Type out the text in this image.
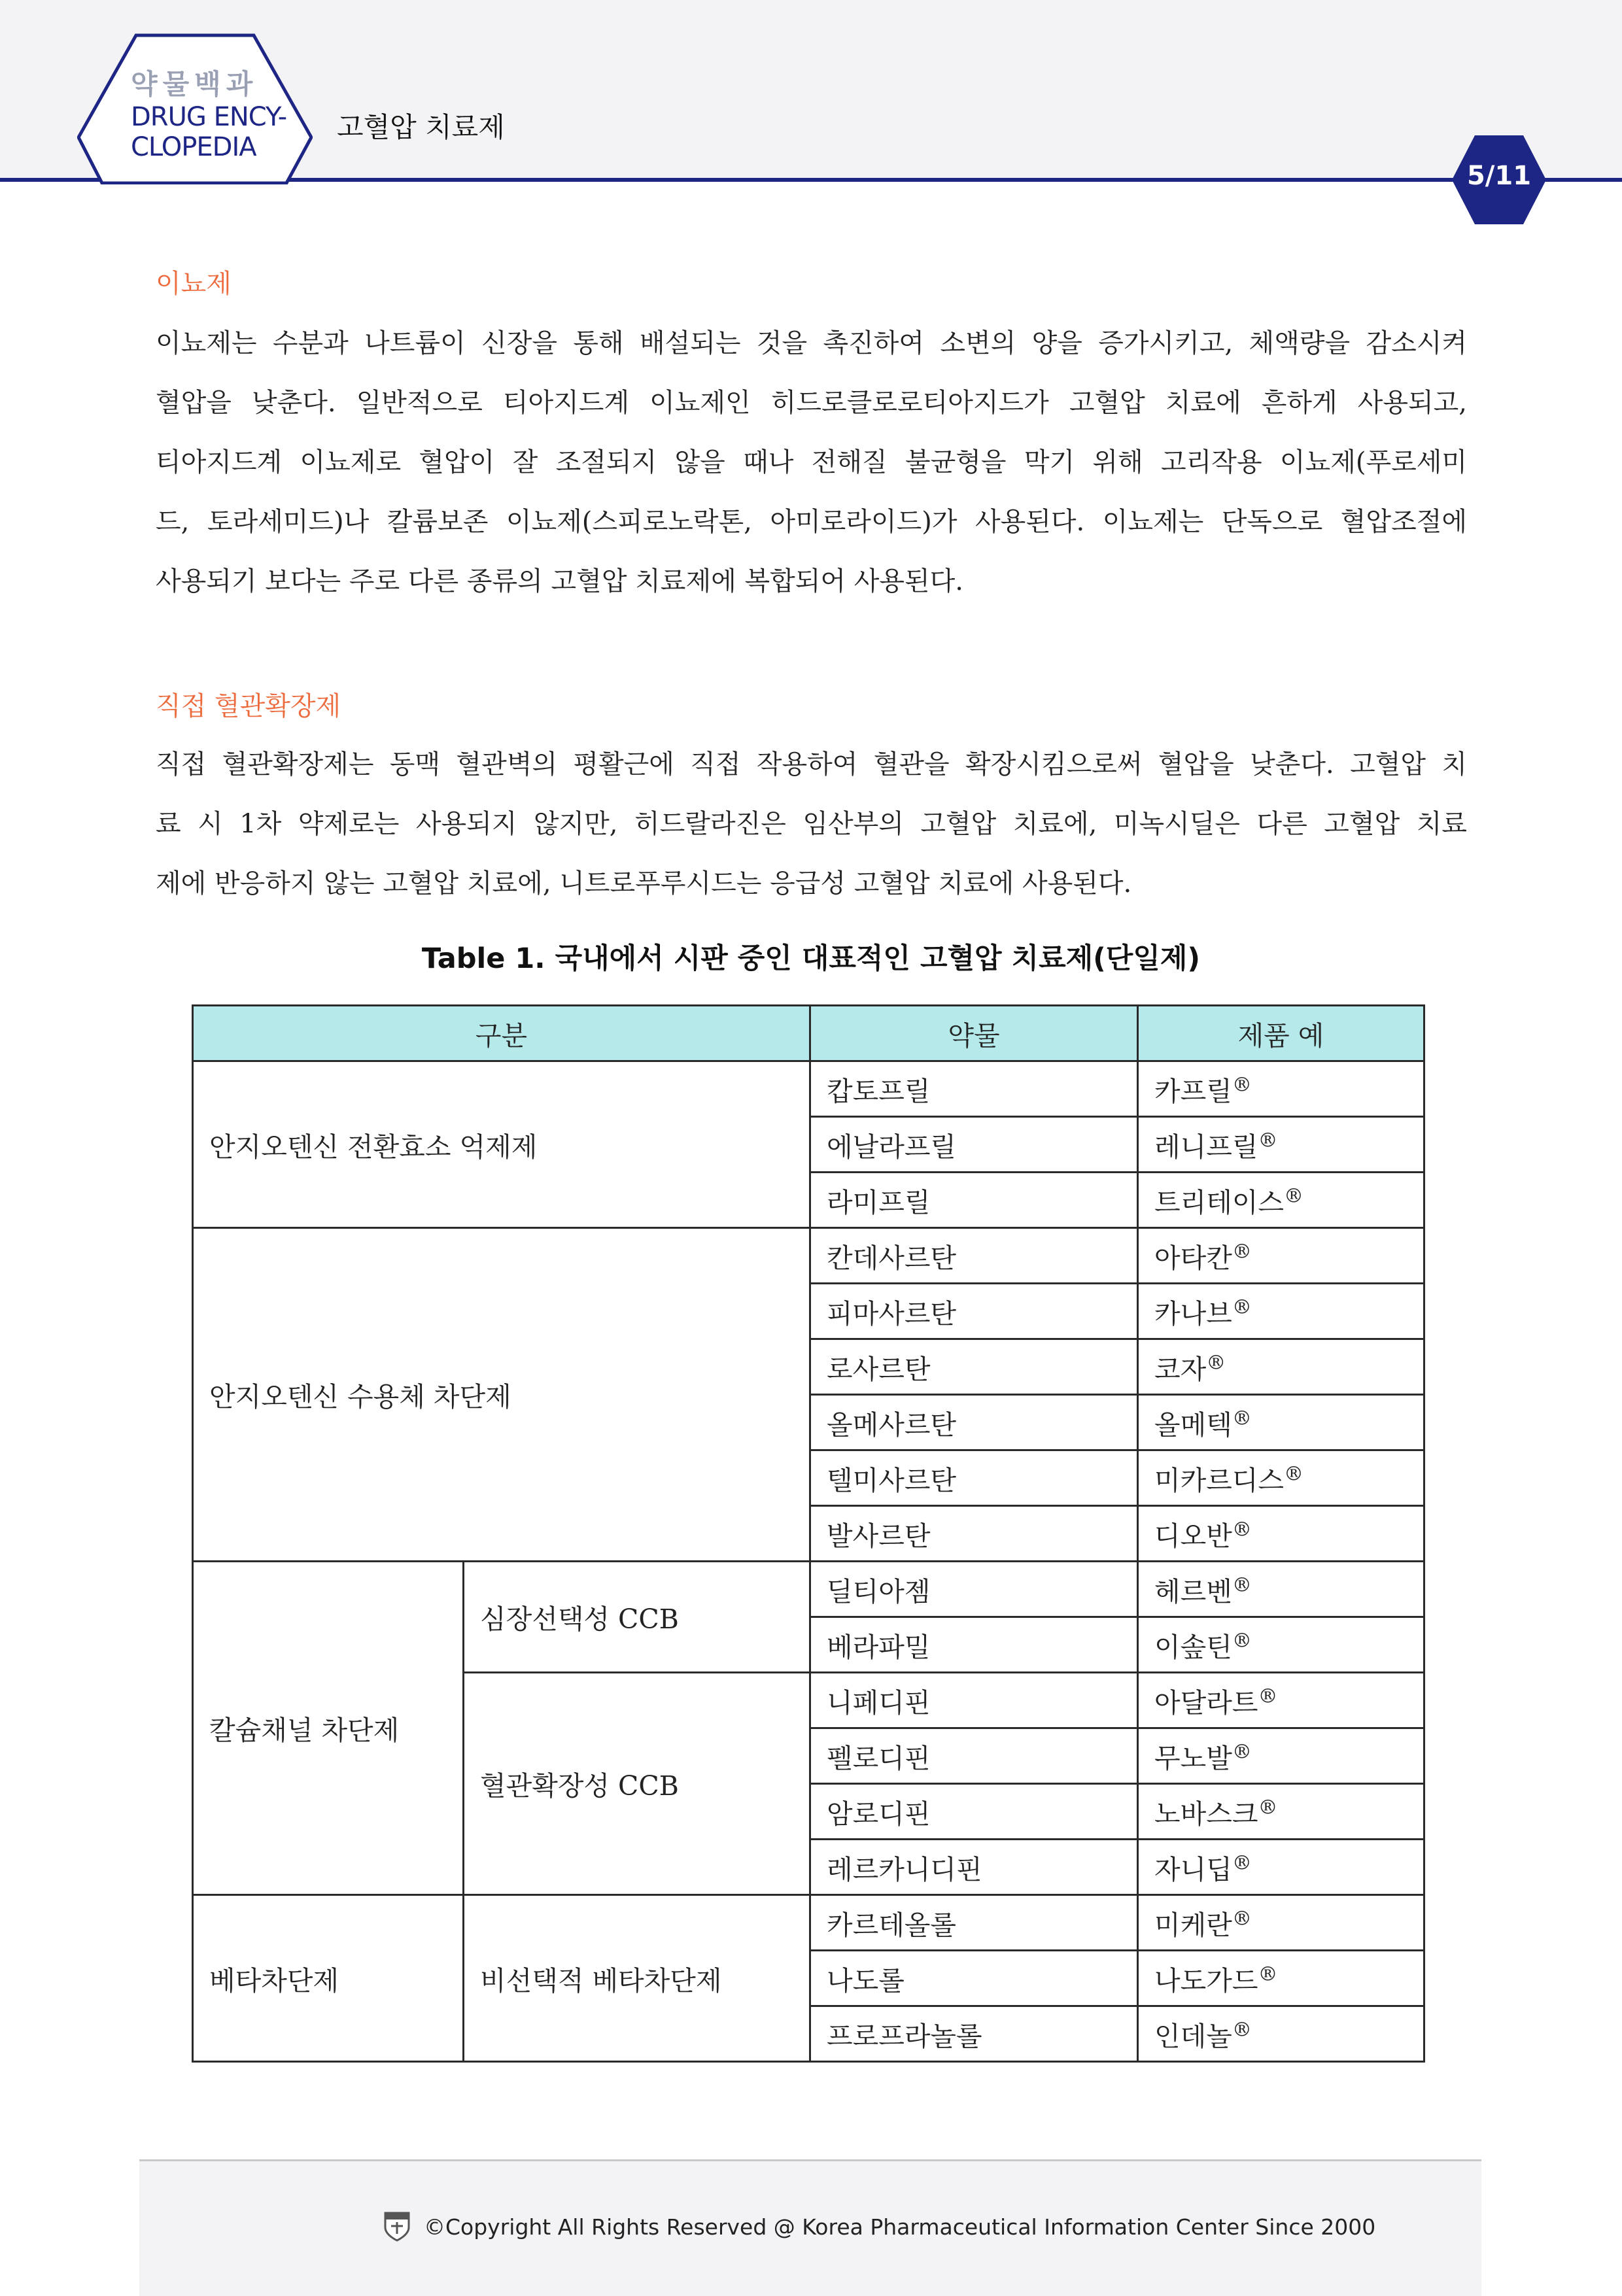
약물백과
DRUG ENCY-
CLOPEDIA
고혈압 치료제
5/11
이뇨제
이뇨제는 수분과 나트륨이 신장을 통해 배설되는 것을 촉진하여 소변의 양을 증가시키고, 체액량을 감소시켜
혈압을 낮춘다. 일반적으로 티아지드계 이뇨제인 히드로클로로티아지드가 고혈압 치료에 흔하게 사용되고,
티아지드계 이뇨제로 혈압이 잘 조절되지 않을 때나 전해질 불균형을 막기 위해 고리작용 이뇨제(푸로세미
드, 토라세미드)나 칼륨보존 이뇨제(스피로노락톤, 아미로라이드)가 사용된다. 이뇨제는 단독으로 혈압조절에
사용되기 보다는 주로 다른 종류의 고혈압 치료제에 복합되어 사용된다.
직접 혈관확장제
직접 혈관확장제는 동맥 혈관벽의 평활근에 직접 작용하여 혈관을 확장시킴으로써 혈압을 낮춘다. 고혈압 치
료 시 1차 약제로는 사용되지 않지만, 히드랄라진은 임산부의 고혈압 치료에, 미녹시딜은 다른 고혈압 치료
제에 반응하지 않는 고혈압 치료에, 니트로푸루시드는 응급성 고혈압 치료에 사용된다.
Table 1. 국내에서 시판 중인 대표적인 고혈압 치료제(단일제)
구분		약물	제품 예
안지오텐신 전환효소 억제제		캅토프릴	카프릴®
		에날라프릴	레니프릴®
		라미프릴	트리테이스®
안지오텐신 수용체 차단제		칸데사르탄	아타칸®
		피마사르탄	카나브®
		로사르탄	코자®
		올메사르탄	올메텍®
		텔미사르탄	미카르디스®
		발사르탄	디오반®
칼슘채널 차단제	심장선택성 CCB	딜티아젬	헤르벤®
		베라파밀	이솦틴®
	혈관확장성 CCB	니페디핀	아달라트®
		펠로디핀	무노발®
		암로디핀	노바스크®
		레르카니디핀	자니딥®
베타차단제	비선택적 베타차단제	카르테올롤	미케란®
		나도롤	나도가드®
		프로프라놀롤	인데놀®
©Copyright All Rights Reserved @ Korea Pharmaceutical Information Center Since 2000
